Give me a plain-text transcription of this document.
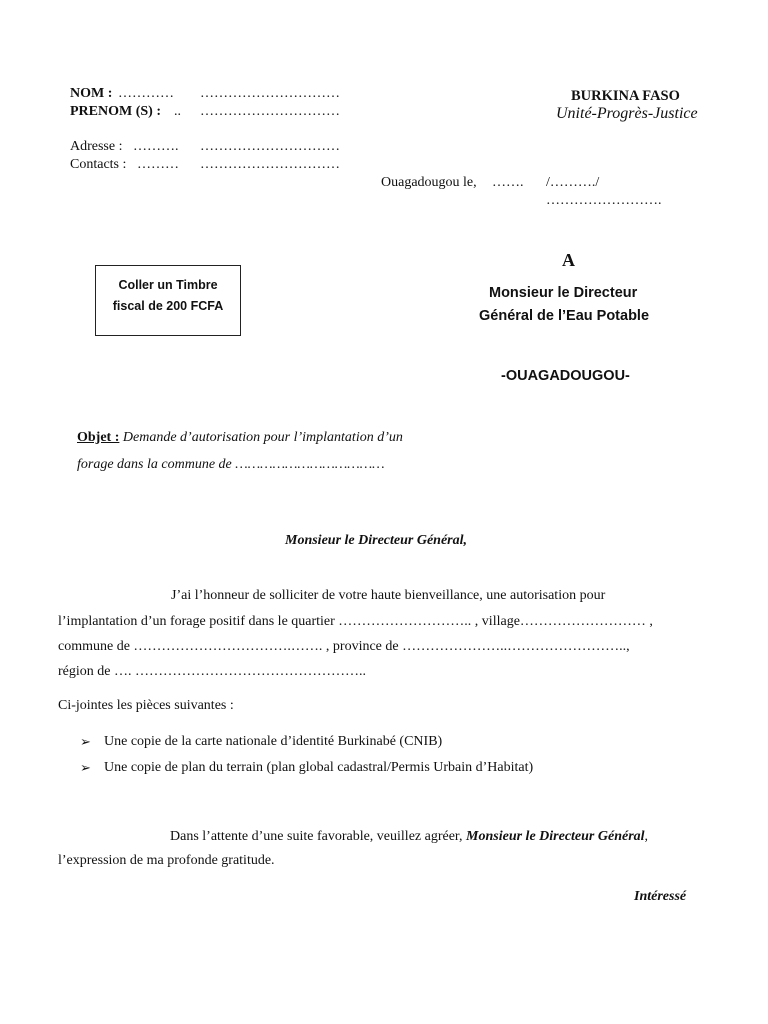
NOM : ………… …………………………
PRENOM (S) : .. …………………………
Adresse : ………. …………………………
Contacts : ……… …………………………
BURKINA FASO
Unité-Progrès-Justice
Ouagadougou le, ……. /………./
…………………….
Coller un Timbre
fiscal de 200 FCFA
A
Monsieur le Directeur
Général de l’Eau Potable
-OUAGADOUGOU-
Objet : Demande d’autorisation pour l’implantation d’un
forage dans la commune de ………………………………
Monsieur le Directeur Général,
J’ai l’honneur de solliciter de votre haute bienveillance, une autorisation pour
l’implantation d’un forage positif dans le quartier ……………………….. , village……………………… ,
commune de …………………………….……. , province de …………………..……………………..,
région de …. …………………………………………..
Ci-jointes les pièces suivantes :
➢ Une copie de la carte nationale d’identité Burkinabé (CNIB)
➢ Une copie de plan du terrain (plan global cadastral/Permis Urbain d’Habitat)
Dans l’attente d’une suite favorable, veuillez agréer, Monsieur le Directeur Général,
l’expression de ma profonde gratitude.
Intéressé
